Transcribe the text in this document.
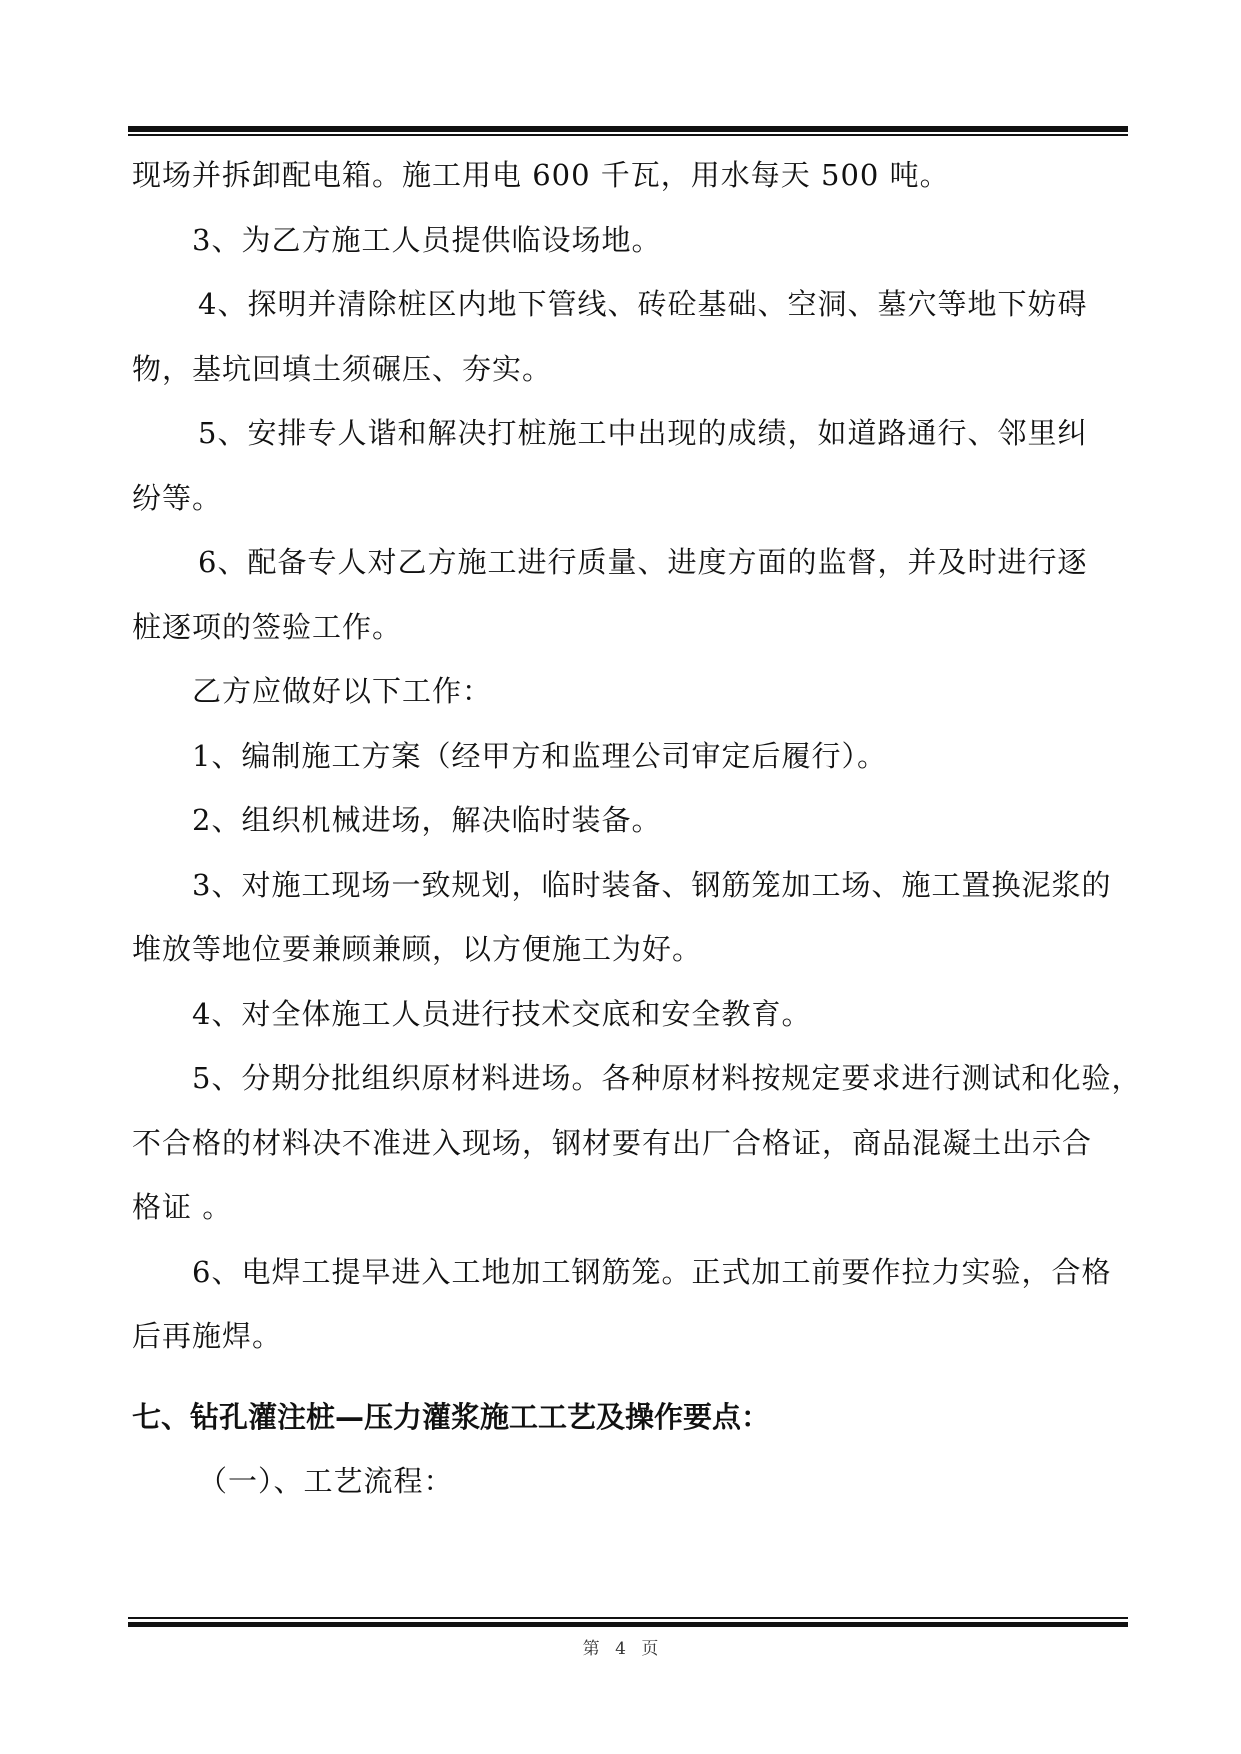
现场并拆卸配电箱。施工用电 600 千瓦，用水每天 500 吨。
3、为乙方施工人员提供临设场地。
4、探明并清除桩区内地下管线、砖砼基础、空洞、墓穴等地下妨碍
物，基坑回填土须碾压、夯实。
5、安排专人谐和解决打桩施工中出现的成绩，如道路通行、邻里纠
纷等。
6、配备专人对乙方施工进行质量、进度方面的监督，并及时进行逐
桩逐项的签验工作。
乙方应做好以下工作：
1、编制施工方案（经甲方和监理公司审定后履行）。
2、组织机械进场，解决临时装备。
3、对施工现场一致规划，临时装备、钢筋笼加工场、施工置换泥浆的
堆放等地位要兼顾兼顾，以方便施工为好。
4、对全体施工人员进行技术交底和安全教育。
5、分期分批组织原材料进场。各种原材料按规定要求进行测试和化验，
不合格的材料决不准进入现场，钢材要有出厂合格证，商品混凝土出示合
格证 。
6、电焊工提早进入工地加工钢筋笼。正式加工前要作拉力实验，合格
后再施焊。
七、钻孔灌注桩—压力灌浆施工工艺及操作要点：
（一）、工艺流程：
第 4 页
